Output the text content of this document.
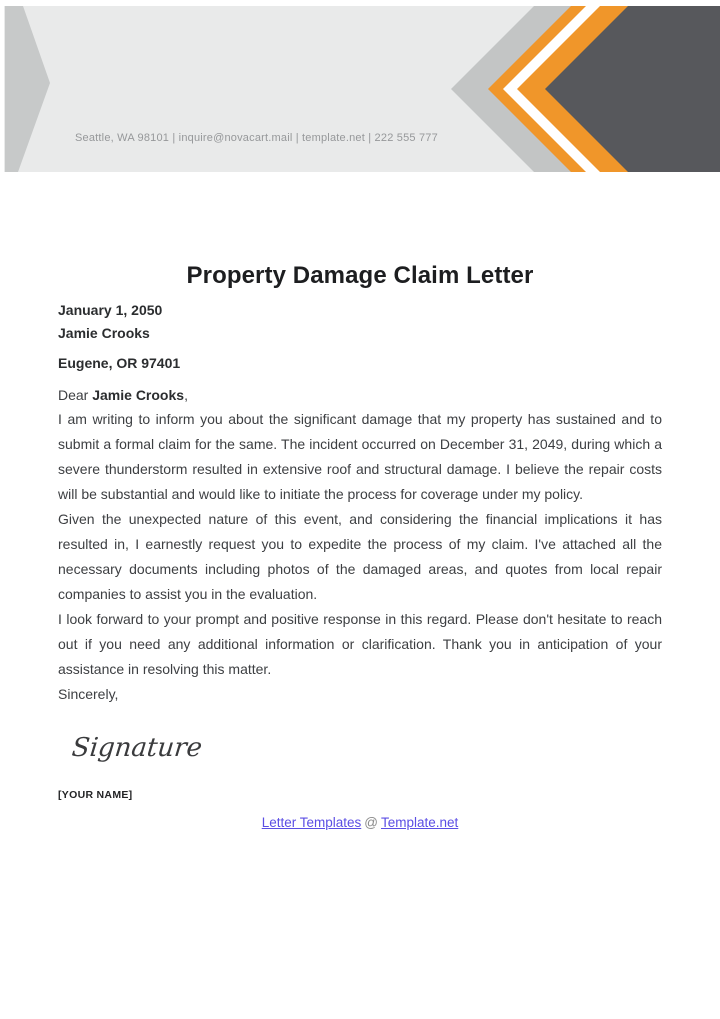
Seattle, WA 98101 | inquire@novacart.mail | template.net | 222 555 777
Property Damage Claim Letter

January 1, 2050

Jamie Crooks

Eugene, OR 97401

Dear Jamie Crooks,

I am writing to inform you about the significant damage that my property has sustained and to submit a formal claim for the same. The incident occurred on December 31, 2049, during which a severe thunderstorm resulted in extensive roof and structural damage. I believe the repair costs will be substantial and would like to initiate the process for coverage under my policy.

Given the unexpected nature of this event, and considering the financial implications it has resulted in, I earnestly request you to expedite the process of my claim. I've attached all the necessary documents including photos of the damaged areas, and quotes from local repair companies to assist you in the evaluation.

I look forward to your prompt and positive response in this regard. Please don't hesitate to reach out if you need any additional information or clarification. Thank you in anticipation of your assistance in resolving this matter.

Sincerely,

Signature

[YOUR NAME]

Letter Templates @ Template.net
